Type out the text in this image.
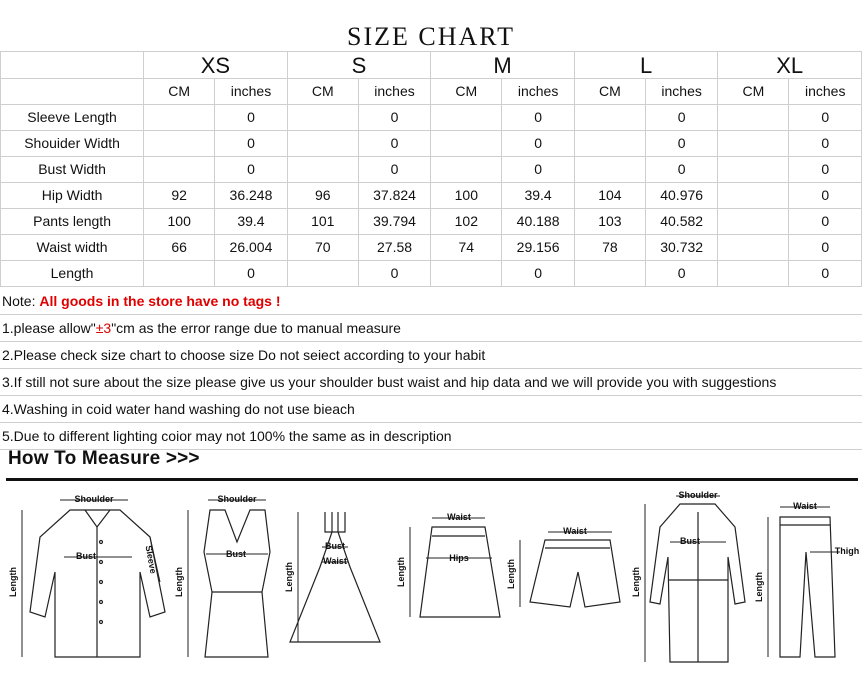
SIZE CHART
	XS		S		M		L		XL	
	CM	inches	CM	inches	CM	inches	CM	inches	CM	inches
Sleeve Length		0		0		0		0		0
Shouider Width		0		0		0		0		0
Bust Width		0		0		0		0		0
Hip Width	92	36.248	96	37.824	100	39.4	104	40.976		0
Pants length	100	39.4	101	39.794	102	40.188	103	40.582		0
Waist width	66	26.004	70	27.58	74	29.156	78	30.732		0
Length		0		0		0		0		0
Note: All goods in the store have no tags !
1.please allow"±3"cm as the error range due to manual measure
2.Please check size chart to choose size Do not seiect according to your habit
3.If still not sure about the size please give us your shoulder bust waist and hip data and we will provide you with suggestions
4.Washing in coid water hand washing do not use bieach
5.Due to different lighting coior may not 100% the same as in description
How To Measure >>>
Shoulder
Bust
Length
Sleeve
Shoulder
Bust
Length
Bust
Waist
Length
Waist
Hips
Length
Waist
Length
Shoulder
Bust
Length
Waist
Thigh
Length
